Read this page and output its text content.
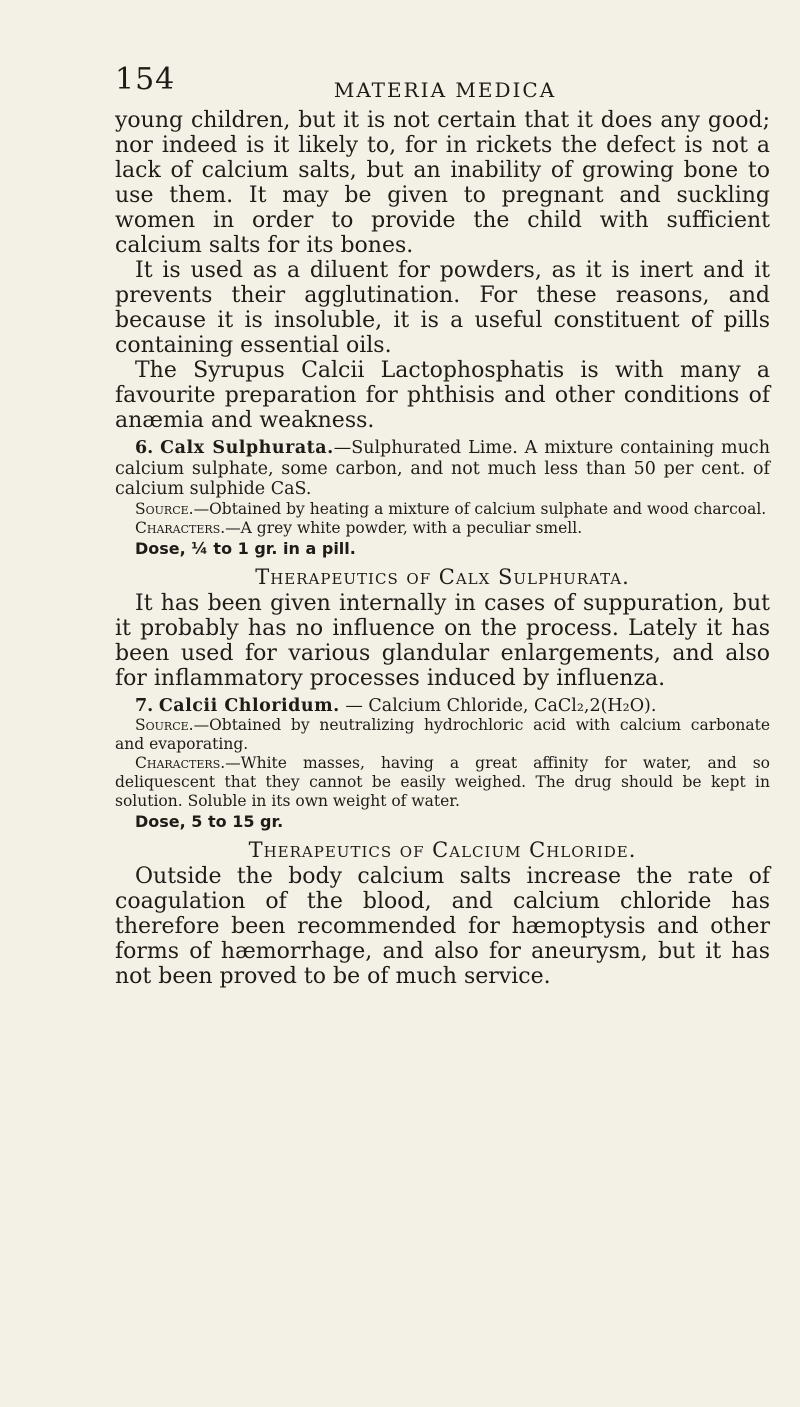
154	MATERIA MEDICA

young children, but it is not certain that it does any good; nor indeed is it likely to, for in rickets the defect is not a lack of calcium salts, but an inability of growing bone to use them. It may be given to pregnant and suckling women in order to provide the child with sufficient calcium salts for its bones.

It is used as a diluent for powders, as it is inert and it prevents their agglutination. For these reasons, and because it is insoluble, it is a useful constituent of pills containing essential oils.

The Syrupus Calcii Lactophosphatis is with many a favourite preparation for phthisis and other conditions of anæmia and weakness.

6. Calx Sulphurata.—Sulphurated Lime. A mixture containing much calcium sulphate, some carbon, and not much less than 50 per cent. of calcium sulphide CaS.

Source.—Obtained by heating a mixture of calcium sulphate and wood charcoal.

Characters.—A grey white powder, with a peculiar smell.

Dose, ¼ to 1 gr. in a pill.

Therapeutics of Calx Sulphurata.

It has been given internally in cases of suppuration, but it probably has no influence on the process. Lately it has been used for various glandular enlargements, and also for inflammatory processes induced by influenza.

7. Calcii Chloridum. — Calcium Chloride, CaCl₂,2(H₂O).

Source.—Obtained by neutralizing hydrochloric acid with calcium carbonate and evaporating.

Characters.—White masses, having a great affinity for water, and so deliquescent that they cannot be easily weighed. The drug should be kept in solution. Soluble in its own weight of water.

Dose, 5 to 15 gr.

Therapeutics of Calcium Chloride.

Outside the body calcium salts increase the rate of coagulation of the blood, and calcium chloride has therefore been recommended for hæmoptysis and other forms of hæmorrhage, and also for aneurysm, but it has not been proved to be of much service.
